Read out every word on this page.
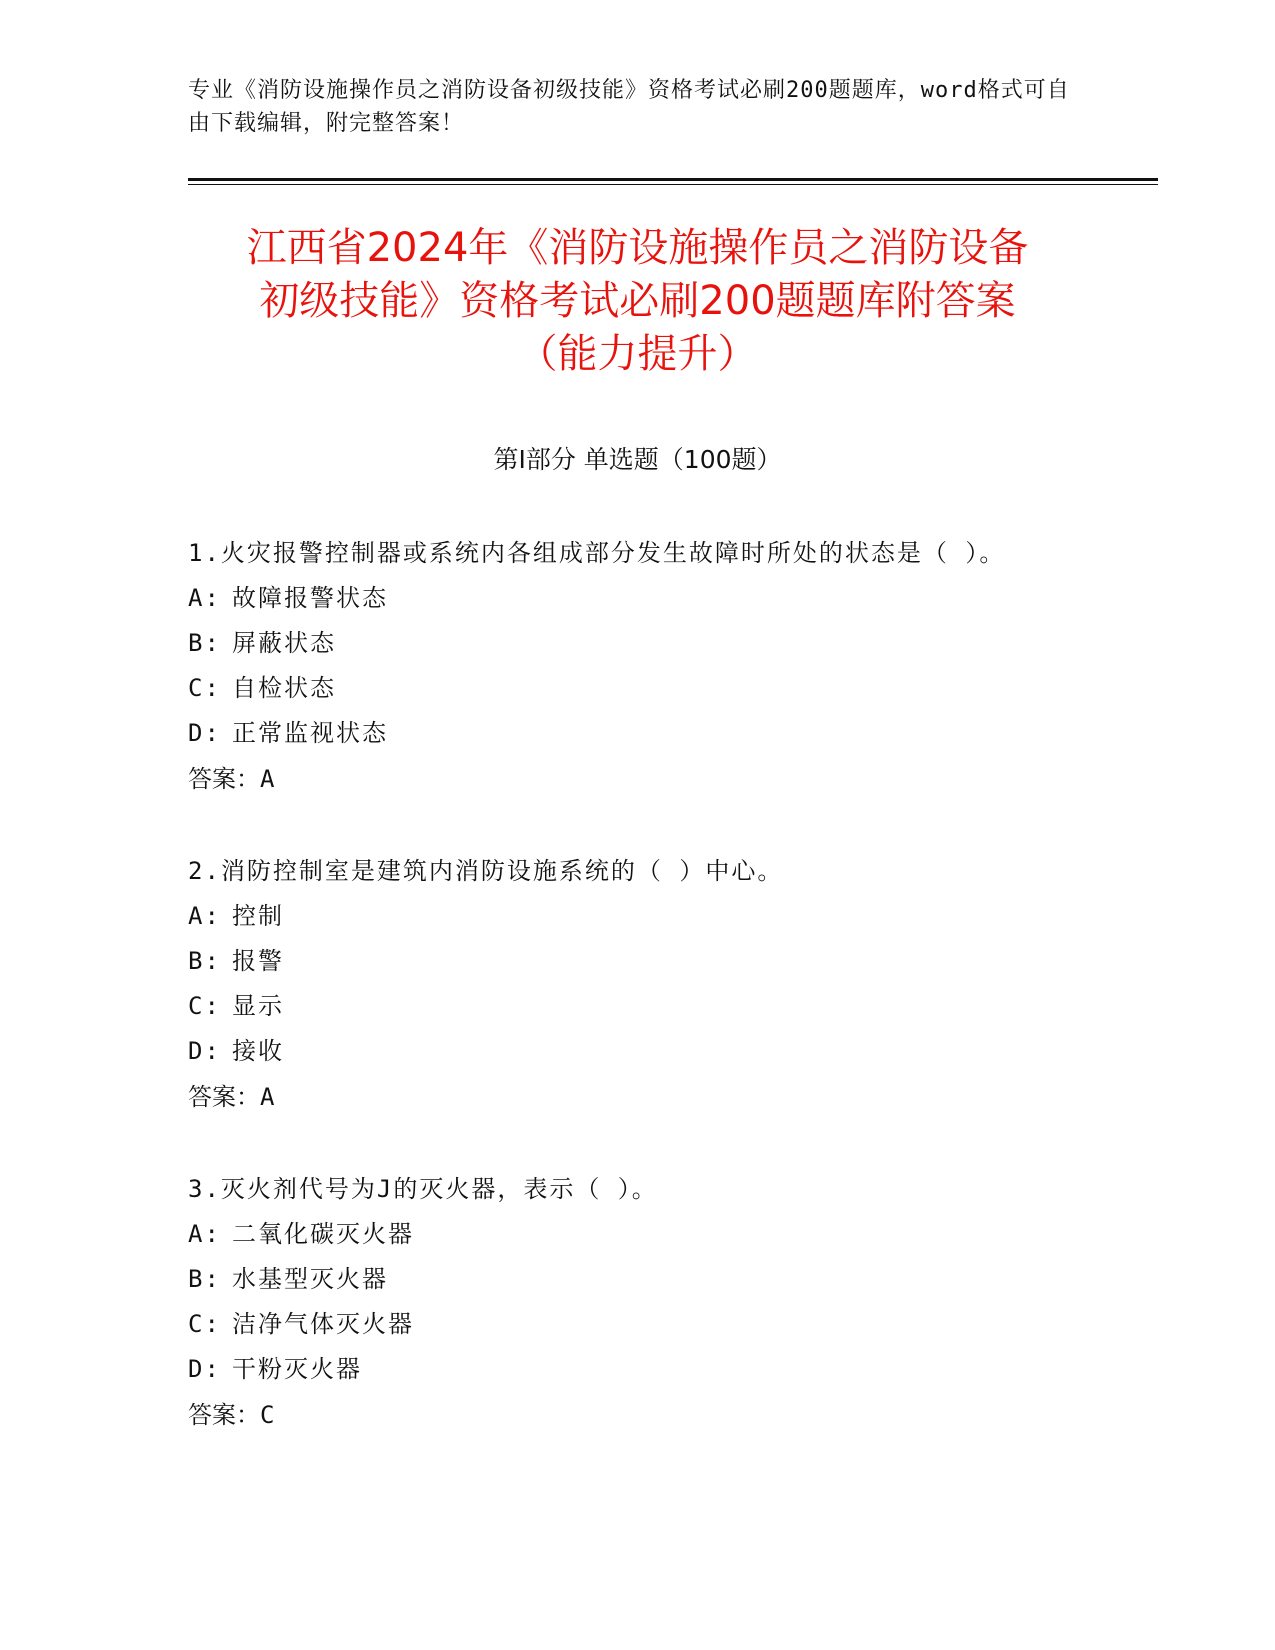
专业《消防设施操作员之消防设备初级技能》资格考试必刷200题题库，word格式可自由下载编辑，附完整答案！
江西省2024年《消防设施操作员之消防设备
初级技能》资格考试必刷200题题库附答案
（能力提升）
第Ⅰ部分 单选题（100题）

1.火灾报警控制器或系统内各组成部分发生故障时所处的状态是（ ）。

A: 故障报警状态
B: 屏蔽状态
C: 自检状态
D: 正常监视状态
答案：A

2.消防控制室是建筑内消防设施系统的（ ）中心。

A: 控制
B: 报警
C: 显示
D: 接收
答案：A

3.灭火剂代号为J的灭火器，表示（ ）。

A: 二氧化碳灭火器
B: 水基型灭火器
C: 洁净气体灭火器
D: 干粉灭火器
答案：C
